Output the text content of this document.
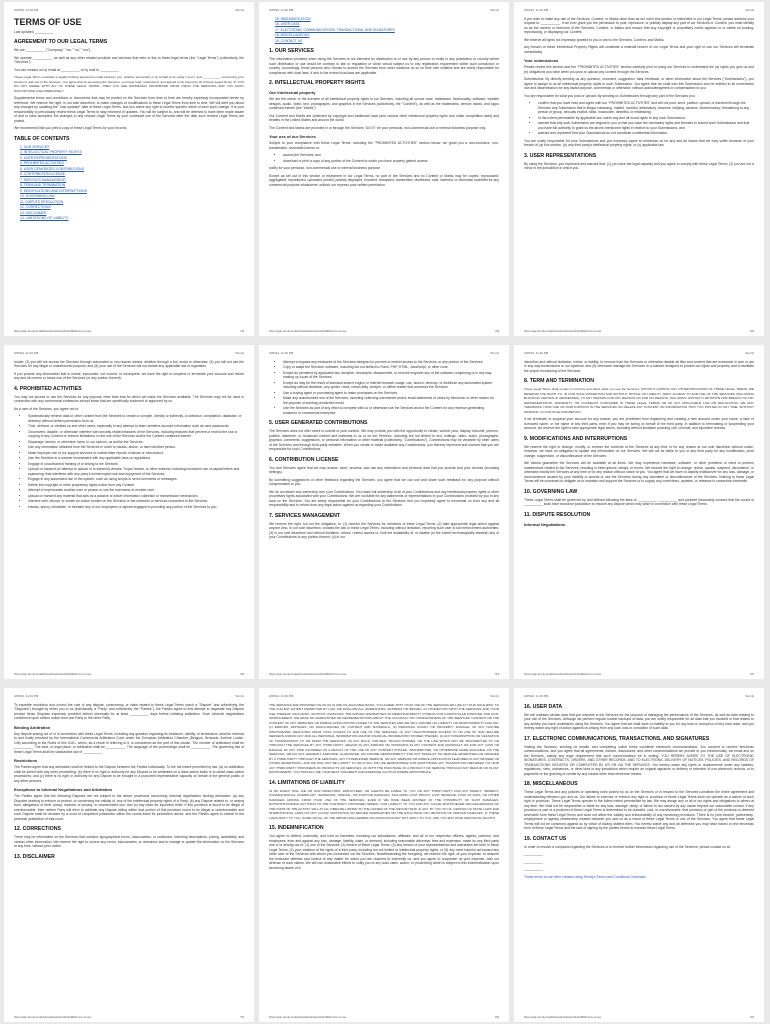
3/25/24, 11:43 PM	Termly
TERMS OF USE

Last updated __________

AGREEMENT TO OUR LEGAL TERMS

We are __________ ("Company," "we," "us," "our").

We operate __________, as well as any other related products and services that refer or link to these legal terms (the "Legal Terms") (collectively, the "Services").

You can contact us by email at __________ or by mail to __________.

These Legal Terms constitute a legally binding agreement made between you, whether personally or on behalf of an entity ("you"), and __________, concerning your access to and use of the Services. You agree that by accessing the Services, you have read, understood, and agreed to be bound by all of these Legal Terms. IF YOU DO NOT AGREE WITH ALL OF THESE LEGAL TERMS, THEN YOU ARE EXPRESSLY PROHIBITED FROM USING THE SERVICES AND YOU MUST DISCONTINUE USE IMMEDIATELY.

Supplemental terms and conditions or documents that may be posted on the Services from time to time are hereby expressly incorporated herein by reference. We reserve the right, in our sole discretion, to make changes or modifications to these Legal Terms from time to time. We will alert you about any changes by updating the "Last updated" date of these Legal Terms, and you waive any right to receive specific notice of each such change. It is your responsibility to periodically review these Legal Terms to stay informed of updates. You will be subject to, and will be deemed to have been made aware of and to have accepted, the changes in any revised Legal Terms by your continued use of the Services after the date such revised Legal Terms are posted.

We recommend that you print a copy of these Legal Terms for your records.

TABLE OF CONTENTS
1. OUR SERVICES
2. INTELLECTUAL PROPERTY RIGHTS
3. USER REPRESENTATIONS
4. PROHIBITED ACTIVITIES
5. USER GENERATED CONTRIBUTIONS
6. CONTRIBUTION LICENSE
7. SERVICES MANAGEMENT
8. TERM AND TERMINATION
9. MODIFICATIONS AND INTERRUPTIONS
10. GOVERNING LAW
11. DISPUTE RESOLUTION
12. CORRECTIONS
13. DISCLAIMER
14. LIMITATIONS OF LIABILITY
https://app.termly.io/dashboard/website/c0d1af99/terms-of-use	1/9
3/25/24, 11:43 PM	Termly
15. INDEMNIFICATION
16. USER DATA
17. ELECTRONIC COMMUNICATIONS, TRANSACTIONS, AND SIGNATURES
18. MISCELLANEOUS
19. CONTACT US
1. OUR SERVICES

The information provided when using the Services is not intended for distribution to or use by any person or entity in any jurisdiction or country where such distribution or use would be contrary to law or regulation or which would subject us to any registration requirement within such jurisdiction or country. Accordingly, those persons who choose to access the Services from other locations do so on their own initiative and are solely responsible for compliance with local laws, if and to the extent local laws are applicable.

2. INTELLECTUAL PROPERTY RIGHTS
Our intellectual property

We are the owner or the licensee of all intellectual property rights in our Services, including all source code, databases, functionality, software, website designs, audio, video, text, photographs, and graphics in the Services (collectively, the "Content"), as well as the trademarks, service marks, and logos contained therein (the "Marks").

Our Content and Marks are protected by copyright and trademark laws (and various other intellectual property rights and unfair competition laws) and treaties in the United States and around the world.

The Content and Marks are provided in or through the Services "AS IS" for your personal, non-commercial use or internal business purpose only.

Your use of our Services

Subject to your compliance with these Legal Terms, including the "PROHIBITED ACTIVITIES" section below, we grant you a non-exclusive, non-transferable, revocable license to:

• access the Services; and
• download or print a copy of any portion of the Content to which you have properly gained access.

solely for your personal, non-commercial use or internal business purpose.

Except as set out in this section or elsewhere in our Legal Terms, no part of the Services and no Content or Marks may be copied, reproduced, aggregated, republished, uploaded, posted, publicly displayed, encoded, translated, transmitted, distributed, sold, licensed, or otherwise exploited for any commercial purpose whatsoever, without our express prior written permission.

https://app.termly.io/dashboard/website/c0d1af99/terms-of-use	2/9
3/25/24, 11:43 PM	Termly

If you wish to make any use of the Services, Content, or Marks other than as set out in this section or elsewhere in our Legal Terms, please address your request to: __________. If we ever grant you the permission to post, reproduce, or publicly display any part of our Services or Content, you must identify us as the owners or licensors of the Services, Content, or Marks and ensure that any copyright or proprietary notice appears or is visible on posting, reproducing, or displaying our Content.

We reserve all rights not expressly granted to you in and to the Services, Content, and Marks.

Any breach of these Intellectual Property Rights will constitute a material breach of our Legal Terms and your right to use our Services will terminate immediately.

Your submissions

Please review this section and the "PROHIBITED ACTIVITIES" section carefully prior to using our Services to understand the (a) rights you give us and (b) obligations you have when you post or upload any content through the Services.

Submissions: By directly sending us any question, comment, suggestion, idea, feedback, or other information about the Services ("Submissions"), you agree to assign to us all intellectual property rights in such Submission. You agree that we shall own this Submission and be entitled to its unrestricted use and dissemination for any lawful purpose, commercial or otherwise, without acknowledgment or compensation to you.

You are responsible for what you post or upload: By sending us Submissions through any part of the Services you:

• confirm that you have read and agree with our "PROHIBITED ACTIVITIES" and will not post, send, publish, upload, or transmit through the Services any Submission that is illegal, harassing, hateful, harmful, defamatory, obscene, bullying, abusive, discriminatory, threatening to any person or group, sexually explicit, false, inaccurate, deceitful, or misleading;
• to the extent permissible by applicable law, waive any and all moral rights to any such Submission;
• warrant that any such Submission are original to you or that you have the necessary rights and licenses to submit such Submissions and that you have full authority to grant us the above-mentioned rights in relation to your Submissions; and
• warrant and represent that your Submissions do not constitute confidential information.

You are solely responsible for your Submissions and you expressly agree to reimburse us for any and all losses that we may suffer because of your breach of (a) this section, (b) any third party's intellectual property rights, or (c) applicable law.

3. USER REPRESENTATIONS

By using the Services, you represent and warrant that: (1) you have the legal capacity and you agree to comply with these Legal Terms; (2) you are not a minor in the jurisdiction in which you

https://app.termly.io/dashboard/website/c0d1af99/terms-of-use	3/9
3/25/24, 11:43 PM	Termly

reside; (3) you will not access the Services through automated or non-human means, whether through a bot, script or otherwise; (4) you will not use the Services for any illegal or unauthorized purpose; and (5) your use of the Services will not violate any applicable law or regulation.

If you provide any information that is untrue, inaccurate, not current, or incomplete, we have the right to suspend or terminate your account and refuse any and all current or future use of the Services (or any portion thereof).

4. PROHIBITED ACTIVITIES

You may not access or use the Services for any purpose other than that for which we make the Services available. The Services may not be used in connection with any commercial endeavors except those that are specifically endorsed or approved by us.

As a user of the Services, you agree not to:

• Systematically retrieve data or other content from the Services to create or compile, directly or indirectly, a collection, compilation, database, or directory without written permission from us.
• Trick, defraud, or mislead us and other users, especially in any attempt to learn sensitive account information such as user passwords.
• Circumvent, disable, or otherwise interfere with security-related features of the Services, including features that prevent or restrict the use or copying of any Content or enforce limitations on the use of the Services and/or the Content contained therein.
• Disparage, tarnish, or otherwise harm, in our opinion, us and/or the Services.
• Use any information obtained from the Services in order to harass, abuse, or harm another person.
• Make improper use of our support services or submit false reports of abuse or misconduct.
• Use the Services in a manner inconsistent with any applicable laws or regulations.
• Engage in unauthorized framing of or linking to the Services.
• Upload or transmit (or attempt to upload or to transmit) viruses, Trojan horses, or other material, including excessive use of capital letters and spamming, that interferes with any party's uninterrupted use and enjoyment of the Services.
• Engage in any automated use of the system, such as using scripts to send comments or messages.
• Delete the copyright or other proprietary rights notice from any Content.
• Attempt to impersonate another user or person or use the username of another user.
• Upload or transmit any material that acts as a passive or active information collection or transmission mechanism.
• Interfere with, disrupt, or create an undue burden on the Services or the networks or services connected to the Services.
• Harass, annoy, intimidate, or threaten any of our employees or agents engaged in providing any portion of the Services to you.
https://app.termly.io/dashboard/website/c0d1af99/terms-of-use	4/9
3/25/24, 11:43 PM	Termly
• Attempt to bypass any measures of the Services designed to prevent or restrict access to the Services, or any portion of the Services.
• Copy or adapt the Services' software, including but not limited to Flash, PHP, HTML, JavaScript, or other code.
• Except as permitted by applicable law, decipher, decompile, disassemble, or reverse engineer any of the software comprising or in any way making up a part of the Services.
• Except as may be the result of standard search engine or Internet browser usage, use, launch, develop, or distribute any automated system, including without limitation, any spider, robot, cheat utility, scraper, or offline reader that accesses the Services.
• Use a buying agent or purchasing agent to make purchases on the Services.
• Make any unauthorized use of the Services, including collecting usernames and/or email addresses of users by electronic or other means for the purpose of sending unsolicited email.
• Use the Services as part of any effort to compete with us or otherwise use the Services and/or the Content for any revenue-generating endeavor or commercial enterprise.
5. USER GENERATED CONTRIBUTIONS

The Services does not offer users to submit or post content. We may provide you with the opportunity to create, submit, post, display, transmit, perform, publish, distribute, or broadcast content and materials to us or on the Services, including but not limited to text, writings, video, audio, photographs, graphics, comments, suggestions, or personal information or other material (collectively, "Contributions"). Contributions may be viewable by other users of the Services and through third-party websites. When you create or make available any Contributions, you thereby represent and warrant that you are responsible for such Contributions.

6. CONTRIBUTION LICENSE

You and Services agree that we may access, store, process, and use any information and personal data that you provide and your choices (including settings).

By submitting suggestions or other feedback regarding the Services, you agree that we can use and share such feedback for any purpose without compensation to you.

We do not assert any ownership over your Contributions. You retain full ownership of all of your Contributions and any intellectual property rights or other proprietary rights associated with your Contributions. We are not liable for any statements or representations in your Contributions provided by you in any area on the Services. You are solely responsible for your Contributions to the Services and you expressly agree to exonerate us from any and all responsibility and to refrain from any legal action against us regarding your Contributions.

7. SERVICES MANAGEMENT

We reserve the right, but not the obligation, to: (1) monitor the Services for violations of these Legal Terms; (2) take appropriate legal action against anyone who, in our sole discretion, violates the law or these Legal Terms, including without limitation, reporting such user to law enforcement authorities; (3) in our sole discretion and without limitation, refuse, restrict access to, limit the availability of, or disable (to the extent technologically feasible) any of your Contributions or any portion thereof; (4) in our

https://app.termly.io/dashboard/website/c0d1af99/terms-of-use	5/9
3/25/24, 11:43 PM	Termly

discretion and without limitation, notice, or liability, to remove from the Services or otherwise disable all files and content that are excessive in size or are in any way burdensome to our systems; and (5) otherwise manage the Services in a manner designed to protect our rights and property and to facilitate the proper functioning of the Services.

8. TERM AND TERMINATION

These Legal Terms shall remain in full force and effect while you use the Services. WITHOUT LIMITING ANY OTHER PROVISION OF THESE LEGAL TERMS, WE RESERVE THE RIGHT TO, IN OUR SOLE DISCRETION AND WITHOUT NOTICE OR LIABILITY, DENY ACCESS TO AND USE OF THE SERVICES (INCLUDING BLOCKING CERTAIN IP ADDRESSES), TO ANY PERSON FOR ANY REASON OR FOR NO REASON, INCLUDING WITHOUT LIMITATION FOR BREACH OF ANY REPRESENTATION, WARRANTY, OR COVENANT CONTAINED IN THESE LEGAL TERMS OR OF ANY APPLICABLE LAW OR REGULATION. WE MAY TERMINATE YOUR USE OR PARTICIPATION IN THE SERVICES OR DELETE ANY CONTENT OR INFORMATION THAT YOU POSTED AT ANY TIME, WITHOUT WARNING, IN OUR SOLE DISCRETION.

If we terminate or suspend your account for any reason, you are prohibited from registering and creating a new account under your name, a fake or borrowed name, or the name of any third party, even if you may be acting on behalf of the third party. In addition to terminating or suspending your account, we reserve the right to take appropriate legal action, including without limitation pursuing civil, criminal, and injunctive redress.

9. MODIFICATIONS AND INTERRUPTIONS

We reserve the right to change, modify, or remove the contents of the Services at any time or for any reason at our sole discretion without notice. However, we have no obligation to update any information on our Services. We will not be liable to you or any third party for any modification, price change, suspension, or discontinuance of the Services.

We cannot guarantee the Services will be available at all times. We may experience hardware, software, or other problems or need to perform maintenance related to the Services, resulting in interruptions, delays, or errors. We reserve the right to change, revise, update, suspend, discontinue, or otherwise modify the Services at any time or for any reason without notice to you. You agree that we have no liability whatsoever for any loss, damage, or inconvenience caused by your inability to access or use the Services during any downtime or discontinuance of the Services. Nothing in these Legal Terms will be construed to obligate us to maintain and support the Services or to supply any corrections, updates, or releases in connection therewith.

10. GOVERNING LAW

These Legal Terms shall be governed by and defined following the laws of __________. __________ and yourself irrevocably consent that the courts of __________ shall have exclusive jurisdiction to resolve any dispute which may arise in connection with these Legal Terms.

11. DISPUTE RESOLUTION
Informal Negotiations
https://app.termly.io/dashboard/website/c0d1af99/terms-of-use	6/9
3/25/24, 11:43 PM	Termly

To expedite resolution and control the cost of any dispute, controversy, or claim related to these Legal Terms (each a "Dispute" and collectively, the "Disputes") brought by either you or us (individually, a "Party" and collectively, the "Parties"), the Parties agree to first attempt to negotiate any Dispute (except those Disputes expressly provided below) informally for at least __________ days before initiating arbitration. Such informal negotiations commence upon written notice from one Party to the other Party.

Binding Arbitration

Any dispute arising out of or in connection with these Legal Terms, including any question regarding its existence, validity, or termination, shall be referred to and finally resolved by the International Commercial Arbitration Court under the European Arbitration Chamber (Belgium, Brussels, Avenue Louise, 146) according to the Rules of this ICAC, which, as a result of referring to it, is considered as the part of this clause. The number of arbitrators shall be __________. The seat, or legal place, or arbitration shall be __________. The language of the proceedings shall be __________. The governing law of these Legal Terms shall be substantive law of __________.

Restrictions

The Parties agree that any arbitration shall be limited to the Dispute between the Parties individually. To the full extent permitted by law, (a) no arbitration shall be joined with any other proceeding; (b) there is no right or authority for any Dispute to be arbitrated on a class-action basis or to utilize class action procedures; and (c) there is no right or authority for any Dispute to be brought in a purported representative capacity on behalf of the general public or any other persons.

Exceptions to Informal Negotiations and Arbitration

The Parties agree that the following Disputes are not subject to the above provisions concerning informal negotiations binding arbitration: (a) any Disputes seeking to enforce or protect, or concerning the validity of, any of the intellectual property rights of a Party; (b) any Dispute related to, or arising from, allegations of theft, piracy, invasion of privacy, or unauthorized use; and (c) any claim for injunctive relief. If this provision is found to be illegal or unenforceable, then neither Party will elect to arbitrate any Dispute falling within that portion of this provision found to be illegal or unenforceable and such Dispute shall be decided by a court of competent jurisdiction within the courts listed for jurisdiction above, and the Parties agree to submit to the personal jurisdiction of that court.

12. CORRECTIONS

There may be information on the Services that contains typographical errors, inaccuracies, or omissions, including descriptions, pricing, availability, and various other information. We reserve the right to correct any errors, inaccuracies, or omissions and to change or update the information on the Services at any time, without prior notice.

13. DISCLAIMER
https://app.termly.io/dashboard/website/c0d1af99/terms-of-use	7/9
3/25/24, 11:43 PM	Termly

THE SERVICES ARE PROVIDED ON AN AS-IS AND AS-AVAILABLE BASIS. YOU AGREE THAT YOUR USE OF THE SERVICES WILL BE AT YOUR SOLE RISK. TO THE FULLEST EXTENT PERMITTED BY LAW, WE DISCLAIM ALL WARRANTIES, EXPRESS OR IMPLIED, IN CONNECTION WITH THE SERVICES AND YOUR USE THEREOF, INCLUDING, WITHOUT LIMITATION, THE IMPLIED WARRANTIES OF MERCHANTABILITY, FITNESS FOR A PARTICULAR PURPOSE, AND NON-INFRINGEMENT. WE MAKE NO WARRANTIES OR REPRESENTATIONS ABOUT THE ACCURACY OR COMPLETENESS OF THE SERVICES' CONTENT OR THE CONTENT OF ANY WEBSITES OR MOBILE APPLICATIONS LINKED TO THE SERVICES AND WE WILL ASSUME NO LIABILITY OR RESPONSIBILITY FOR ANY (1) ERRORS, MISTAKES, OR INACCURACIES OF CONTENT AND MATERIALS, (2) PERSONAL INJURY OR PROPERTY DAMAGE, OF ANY NATURE WHATSOEVER, RESULTING FROM YOUR ACCESS TO AND USE OF THE SERVICES, (3) ANY UNAUTHORIZED ACCESS TO OR USE OF OUR SECURE SERVERS AND/OR ANY AND ALL PERSONAL INFORMATION AND/OR FINANCIAL INFORMATION STORED THEREIN, (4) ANY INTERRUPTION OR CESSATION OF TRANSMISSION TO OR FROM THE SERVICES, (5) ANY BUGS, VIRUSES, TROJAN HORSES, OR THE LIKE WHICH MAY BE TRANSMITTED TO OR THROUGH THE SERVICES BY ANY THIRD PARTY, AND/OR (6) ANY ERRORS OR OMISSIONS IN ANY CONTENT AND MATERIALS OR FOR ANY LOSS OR DAMAGE OF ANY KIND INCURRED AS A RESULT OF THE USE OF ANY CONTENT POSTED, TRANSMITTED, OR OTHERWISE MADE AVAILABLE VIA THE SERVICES. WE DO NOT WARRANT, ENDORSE, GUARANTEE, OR ASSUME RESPONSIBILITY FOR ANY PRODUCT OR SERVICE ADVERTISED OR OFFERED BY A THIRD PARTY THROUGH THE SERVICES, ANY HYPERLINKED WEBSITE, OR ANY WEBSITE OR MOBILE APPLICATION FEATURED IN ANY BANNER OR OTHER ADVERTISING, AND WE WILL NOT BE A PARTY TO OR IN ANY WAY BE RESPONSIBLE FOR MONITORING ANY TRANSACTION BETWEEN YOU AND ANY THIRD-PARTY PROVIDERS OF PRODUCTS OR SERVICES. AS WITH THE PURCHASE OF A PRODUCT OR SERVICE THROUGH ANY MEDIUM OR IN ANY ENVIRONMENT, YOU SHOULD USE YOUR BEST JUDGMENT AND EXERCISE CAUTION WHERE APPROPRIATE.

14. LIMITATIONS OF LIABILITY

IN NO EVENT WILL WE OR OUR DIRECTORS, EMPLOYEES, OR AGENTS BE LIABLE TO YOU OR ANY THIRD PARTY FOR ANY DIRECT, INDIRECT, CONSEQUENTIAL, EXEMPLARY, INCIDENTAL, SPECIAL, OR PUNITIVE DAMAGES, INCLUDING LOST PROFIT, LOST REVENUE, LOSS OF DATA, OR OTHER DAMAGES ARISING FROM YOUR USE OF THE SERVICES, EVEN IF WE HAVE BEEN ADVISED OF THE POSSIBILITY OF SUCH DAMAGES. NOTWITHSTANDING ANYTHING TO THE CONTRARY CONTAINED HEREIN, OUR LIABILITY TO YOU FOR ANY CAUSE WHATSOEVER AND REGARDLESS OF THE FORM OF THE ACTION, WILL AT ALL TIMES BE LIMITED TO THE LESSER OF THE AMOUNT PAID, IF ANY, BY YOU TO US. CERTAIN US STATE LAWS AND INTERNATIONAL LAWS DO NOT ALLOW LIMITATIONS ON IMPLIED WARRANTIES OR THE EXCLUSION OR LIMITATION OF CERTAIN DAMAGES. IF THESE LAWS APPLY TO YOU, SOME OR ALL OF THE ABOVE DISCLAIMERS OR LIMITATIONS MAY NOT APPLY TO YOU, AND YOU MAY HAVE ADDITIONAL RIGHTS.

15. INDEMNIFICATION

You agree to defend, indemnify, and hold us harmless, including our subsidiaries, affiliates, and all of our respective officers, agents, partners, and employees, from and against any loss, damage, liability, claim, or demand, including reasonable attorneys' fees and expenses, made by any third party due to or arising out of: (1) use of the Services; (2) breach of these Legal Terms; (3) any breach of your representations and warranties set forth in these Legal Terms; (4) your violation of the rights of a third party, including but not limited to intellectual property rights; or (5) any overt harmful act toward any other user of the Services with whom you connected via the Services. Notwithstanding the foregoing, we reserve the right, at your expense, to assume the exclusive defense and control of any matter for which you are required to indemnify us, and you agree to cooperate, at your expense, with our defense of such claims. We will use reasonable efforts to notify you of any such claim, action, or proceeding which is subject to this indemnification upon becoming aware of it.

https://app.termly.io/dashboard/website/c0d1af99/terms-of-use	8/9
3/25/24, 11:43 PM	Termly
16. USER DATA

We will maintain certain data that you transmit to the Services for the purpose of managing the performance of the Services, as well as data relating to your use of the Services. Although we perform regular routine backups of data, you are solely responsible for all data that you transmit or that relates to any activity you have undertaken using the Services. You agree that we shall have no liability to you for any loss or corruption of any such data, and you hereby waive any right of action against us arising from any such loss or corruption of such data.

17. ELECTRONIC COMMUNICATIONS, TRANSACTIONS, AND SIGNATURES

Visiting the Services, sending us emails, and completing online forms constitute electronic communications. You consent to receive electronic communications, and you agree that all agreements, notices, disclosures, and other communications we provide to you electronically, via email and on the Services, satisfy any legal requirement that such communication be in writing. YOU HEREBY AGREE TO THE USE OF ELECTRONIC SIGNATURES, CONTRACTS, ORDERS, AND OTHER RECORDS, AND TO ELECTRONIC DELIVERY OF NOTICES, POLICIES, AND RECORDS OF TRANSACTIONS INITIATED OR COMPLETED BY US OR VIA THE SERVICES. You hereby waive any rights or requirements under any statutes, regulations, rules, ordinances, or other laws in any jurisdiction which require an original signature or delivery or retention of non-electronic records, or to payments or the granting of credits by any means other than electronic means.

18. MISCELLANEOUS

These Legal Terms and any policies or operating rules posted by us on the Services or in respect to the Services constitute the entire agreement and understanding between you and us. Our failure to exercise or enforce any right or provision of these Legal Terms shall not operate as a waiver of such right or provision. These Legal Terms operate to the fullest extent permissible by law. We may assign any or all of our rights and obligations to others at any time. We shall not be responsible or liable for any loss, damage, delay, or failure to act caused by any cause beyond our reasonable control. If any provision or part of a provision of these Legal Terms is determined to be unlawful, void, or unenforceable, that provision or part of the provision is deemed severable from these Legal Terms and does not affect the validity and enforceability of any remaining provisions. There is no joint venture, partnership, employment or agency relationship created between you and us as a result of these Legal Terms or use of the Services. You agree that these Legal Terms will not be construed against us by virtue of having drafted them. You hereby waive any and all defenses you may have based on the electronic form of these Legal Terms and the lack of signing by the parties hereto to execute these Legal Terms.

19. CONTACT US

In order to resolve a complaint regarding the Services or to receive further information regarding use of the Services, please contact us at:

__________

__________

__________

These terms of use were created using Termly's Terms and Conditions Generator.

https://app.termly.io/dashboard/website/c0d1af99/terms-of-use	9/9
